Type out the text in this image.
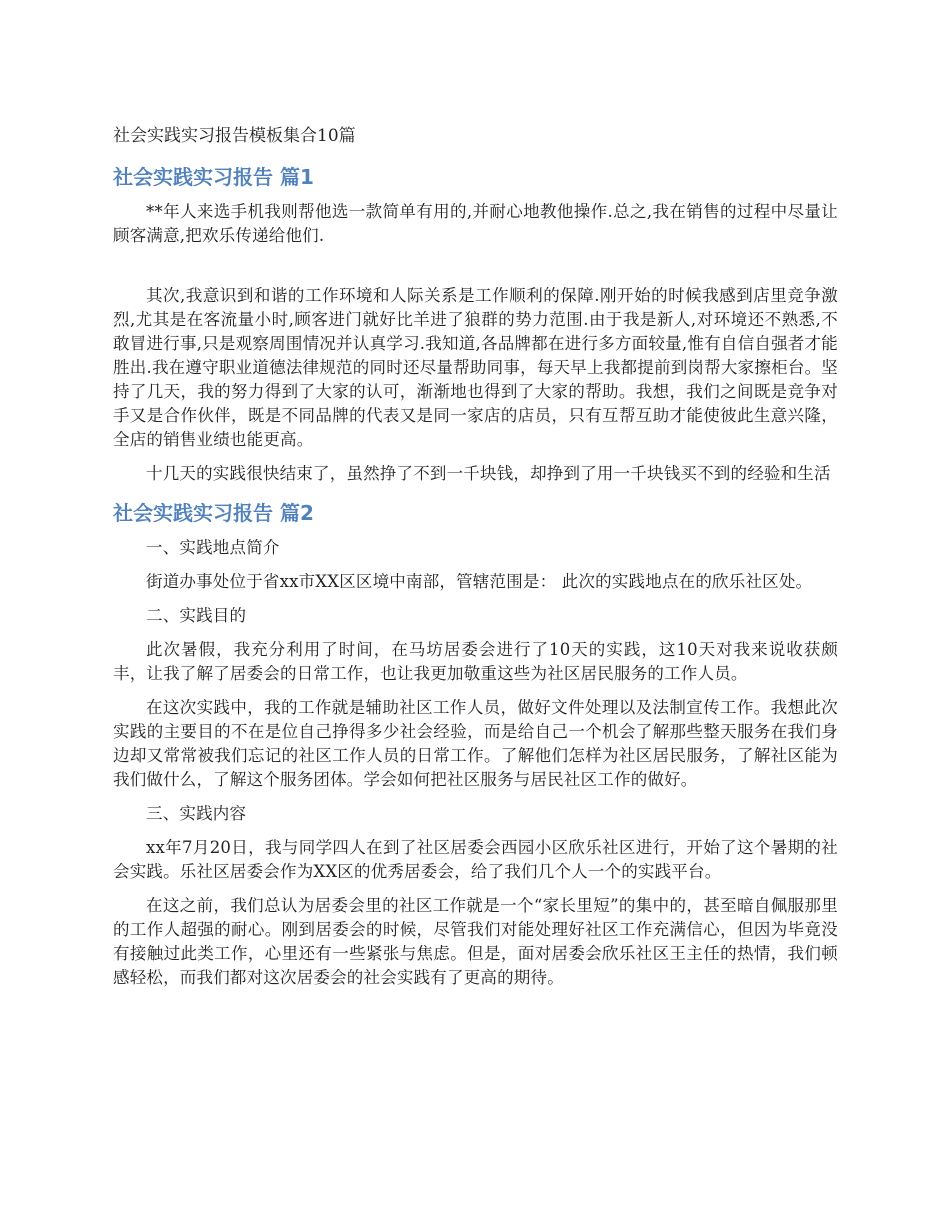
社会实践实习报告模板集合10篇
社会实践实习报告 篇1

**年人来选手机我则帮他选一款简单有用的,并耐心地教他操作.总之,我在销售的过程中尽量让顾客满意,把欢乐传递给他们.

其次,我意识到和谐的工作环境和人际关系是工作顺利的保障.刚开始的时候我感到店里竞争激烈,尤其是在客流量小时,顾客进门就好比羊进了狼群的势力范围.由于我是新人,对环境还不熟悉,不敢冒进行事,只是观察周围情况并认真学习.我知道,各品牌都在进行多方面较量,惟有自信自强者才能胜出.我在遵守职业道德法律规范的同时还尽量帮助同事，每天早上我都提前到岗帮大家擦柜台。坚持了几天，我的努力得到了大家的认可，渐渐地也得到了大家的帮助。我想，我们之间既是竞争对手又是合作伙伴，既是不同品牌的代表又是同一家店的店员，只有互帮互助才能使彼此生意兴隆，全店的销售业绩也能更高。

十几天的实践很快结束了，虽然挣了不到一千块钱，却挣到了用一千块钱买不到的经验和生活

社会实践实习报告 篇2

一、实践地点简介

街道办事处位于省xx市XX区区境中南部，管辖范围是： 此次的实践地点在的欣乐社区处。

二、实践目的

此次暑假，我充分利用了时间，在马坊居委会进行了10天的实践，这10天对我来说收获颇丰，让我了解了居委会的日常工作，也让我更加敬重这些为社区居民服务的工作人员。

在这次实践中，我的工作就是辅助社区工作人员，做好文件处理以及法制宣传工作。我想此次实践的主要目的不在是位自己挣得多少社会经验，而是给自己一个机会了解那些整天服务在我们身边却又常常被我们忘记的社区工作人员的日常工作。了解他们怎样为社区居民服务，了解社区能为我们做什么，了解这个服务团体。学会如何把社区服务与居民社区工作的做好。

三、实践内容

xx年7月20日，我与同学四人在到了社区居委会西园小区欣乐社区进行，开始了这个暑期的社会实践。乐社区居委会作为XX区的优秀居委会，给了我们几个人一个的实践平台。

在这之前，我们总认为居委会里的社区工作就是一个“家长里短”的集中的，甚至暗自佩服那里的工作人超强的耐心。刚到居委会的时候，尽管我们对能处理好社区工作充满信心，但因为毕竟没有接触过此类工作，心里还有一些紧张与焦虑。但是，面对居委会欣乐社区王主任的热情，我们顿感轻松，而我们都对这次居委会的社会实践有了更高的期待。
